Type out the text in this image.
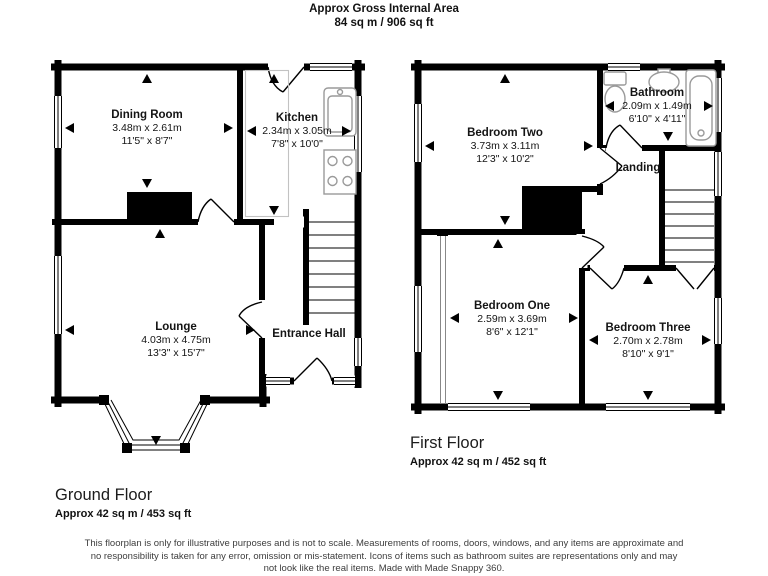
Approx Gross Internal Area
84 sq m / 906 sq ft
Dining Room
3.48m x 2.61m
11'5" x 8'7"
Kitchen
2.34m x 3.05m
7'8" x 10'0"
Lounge
4.03m x 4.75m
13'3" x 15'7"
Entrance Hall
Bedroom Two
3.73m x 3.11m
12'3" x 10'2"
Bathroom
2.09m x 1.49m
6'10" x 4'11"
Landing
Bedroom One
2.59m x 3.69m
8'6" x 12'1"	Bedroom Three
2.70m x 2.78m
8'10" x 9'1"
First Floor
Approx 42 sq m / 452 sq ft
Ground Floor
Approx 42 sq m / 453 sq ft
This floorplan is only for illustrative purposes and is not to scale. Measurements of rooms, doors, windows, and any items are approximate and no responsibility is taken for any error, omission or mis-statement. Icons of items such as bathroom suites are representations only and may not look like the real items. Made with Made Snappy 360.
